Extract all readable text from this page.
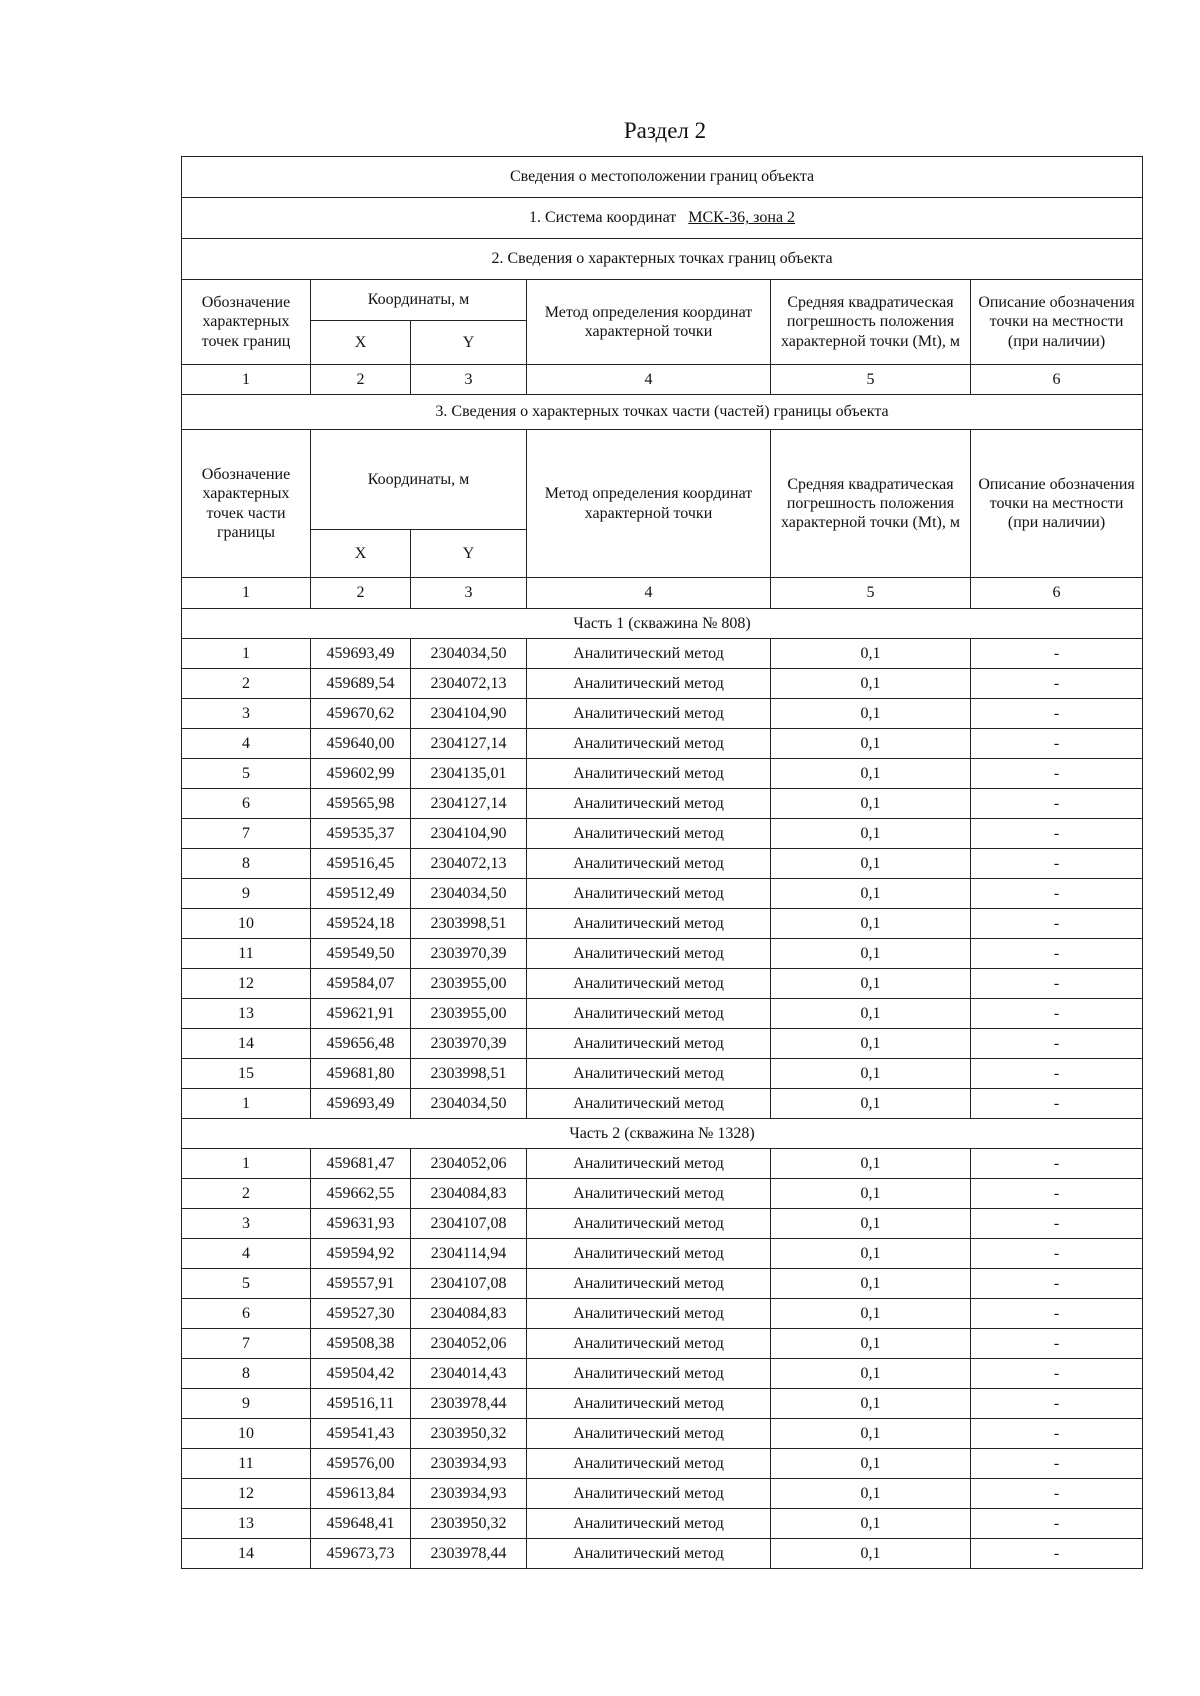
Раздел 2
Сведения о местоположении границ объекта					
1. Система координат МСК-36, зона 2					
2. Сведения о характерных точках границ объекта					
Обозначение характерных точек границ	Координаты, м		Метод определения координат характерной точки	Средняя квадратическая погрешность положения характерной точки (Mt), м	Описание обозначения точки на местности (при наличии)
	X	Y			
1	2	3	4	5	6
3. Сведения о характерных точках части (частей) границы объекта					
Обозначение характерных точек части границы	Координаты, м		Метод определения координат характерной точки	Средняя квадратическая погрешность положения характерной точки (Mt), м	Описание обозначения точки на местности (при наличии)
	X	Y			
1	2	3	4	5	6
Часть 1 (скважина № 808)					
1	459693,49	2304034,50	Аналитический метод	0,1	-
2	459689,54	2304072,13	Аналитический метод	0,1	-
3	459670,62	2304104,90	Аналитический метод	0,1	-
4	459640,00	2304127,14	Аналитический метод	0,1	-
5	459602,99	2304135,01	Аналитический метод	0,1	-
6	459565,98	2304127,14	Аналитический метод	0,1	-
7	459535,37	2304104,90	Аналитический метод	0,1	-
8	459516,45	2304072,13	Аналитический метод	0,1	-
9	459512,49	2304034,50	Аналитический метод	0,1	-
10	459524,18	2303998,51	Аналитический метод	0,1	-
11	459549,50	2303970,39	Аналитический метод	0,1	-
12	459584,07	2303955,00	Аналитический метод	0,1	-
13	459621,91	2303955,00	Аналитический метод	0,1	-
14	459656,48	2303970,39	Аналитический метод	0,1	-
15	459681,80	2303998,51	Аналитический метод	0,1	-
1	459693,49	2304034,50	Аналитический метод	0,1	-
Часть 2 (скважина № 1328)					
1	459681,47	2304052,06	Аналитический метод	0,1	-
2	459662,55	2304084,83	Аналитический метод	0,1	-
3	459631,93	2304107,08	Аналитический метод	0,1	-
4	459594,92	2304114,94	Аналитический метод	0,1	-
5	459557,91	2304107,08	Аналитический метод	0,1	-
6	459527,30	2304084,83	Аналитический метод	0,1	-
7	459508,38	2304052,06	Аналитический метод	0,1	-
8	459504,42	2304014,43	Аналитический метод	0,1	-
9	459516,11	2303978,44	Аналитический метод	0,1	-
10	459541,43	2303950,32	Аналитический метод	0,1	-
11	459576,00	2303934,93	Аналитический метод	0,1	-
12	459613,84	2303934,93	Аналитический метод	0,1	-
13	459648,41	2303950,32	Аналитический метод	0,1	-
14	459673,73	2303978,44	Аналитический метод	0,1	-
